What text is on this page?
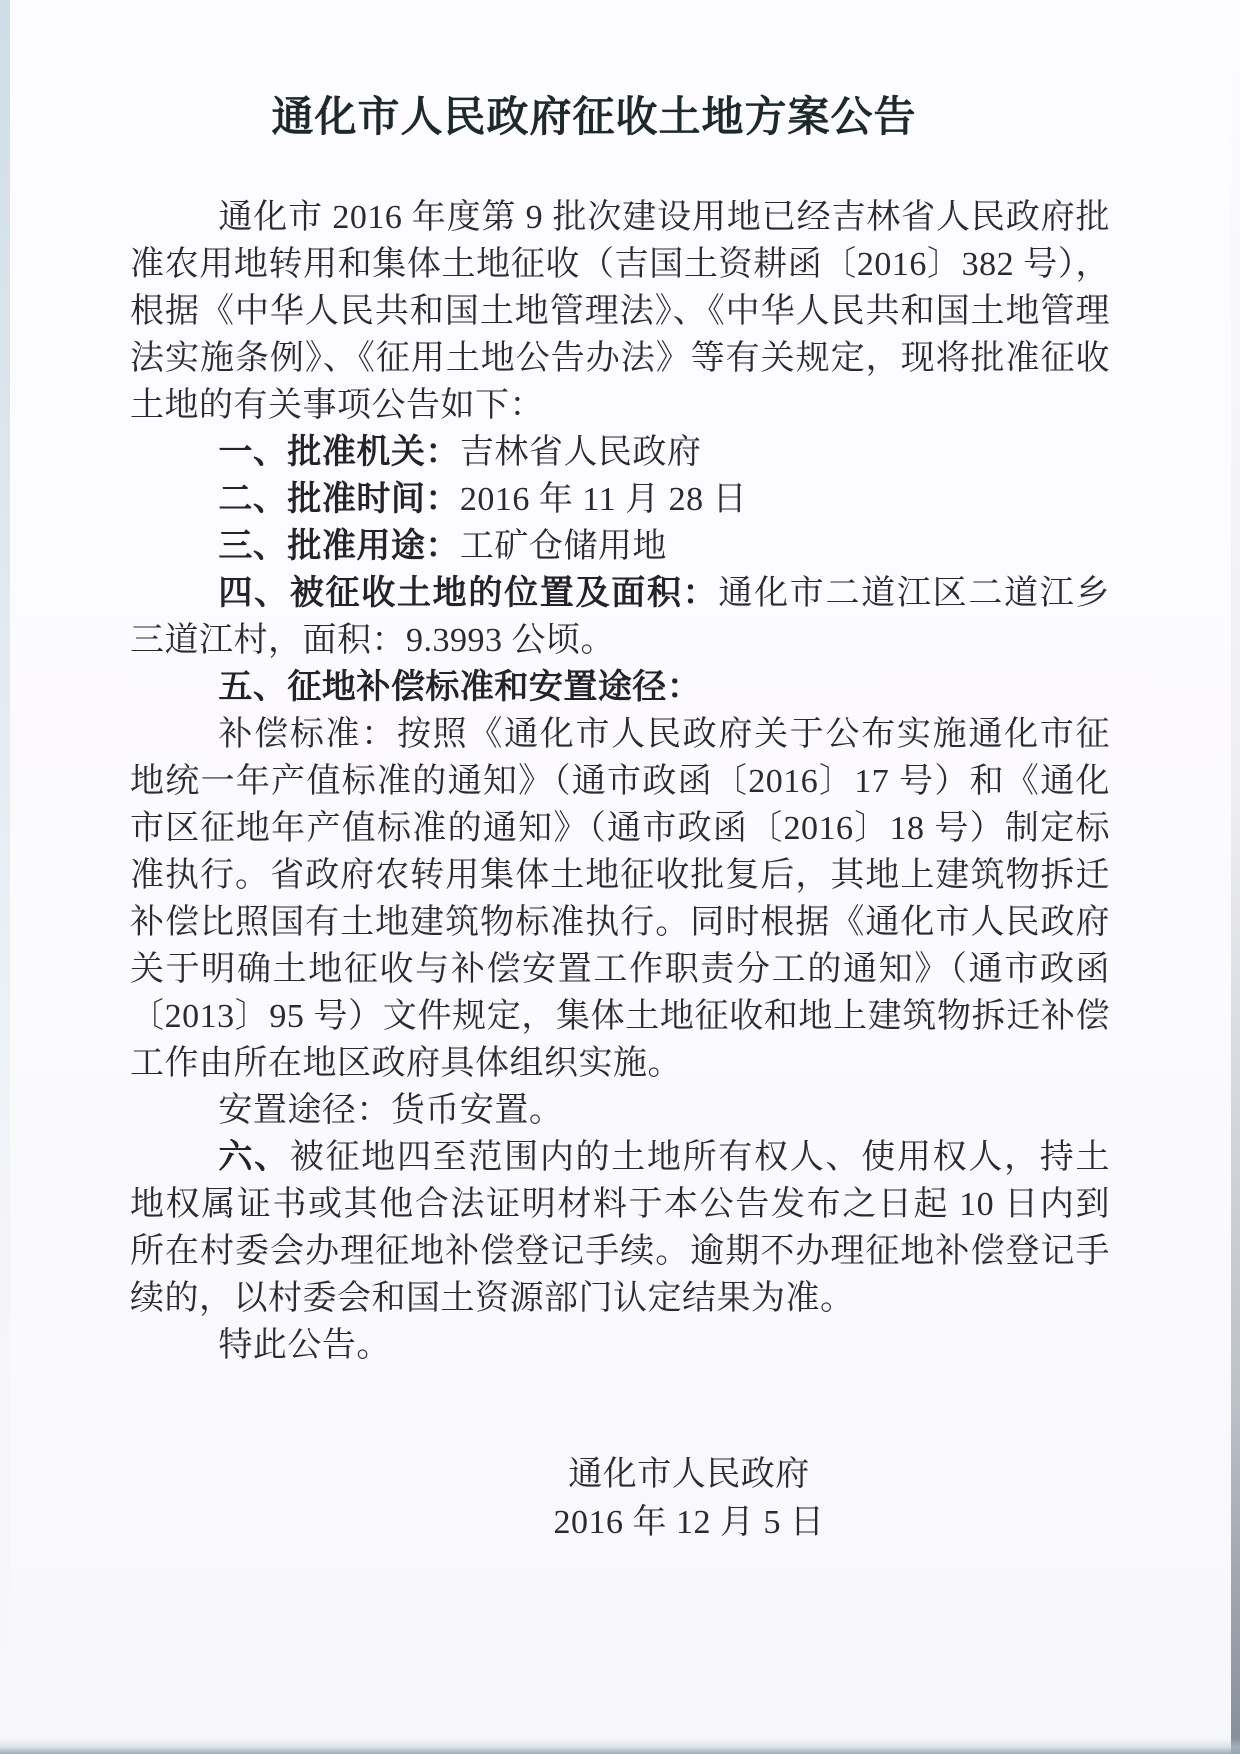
通化市人民政府征收土地方案公告

通化市 2016 年度第 9 批次建设用地已经吉林省人民政府批准农用地转用和集体土地征收（吉国土资耕函〔2016〕382 号），根据《中华人民共和国土地管理法》、《中华人民共和国土地管理法实施条例》、《征用土地公告办法》等有关规定，现将批准征收土地的有关事项公告如下：

一、批准机关：吉林省人民政府

二、批准时间：2016 年 11 月 28 日

三、批准用途：工矿仓储用地

四、被征收土地的位置及面积：通化市二道江区二道江乡三道江村，面积：9.3993 公顷。

五、征地补偿标准和安置途径：

补偿标准：按照《通化市人民政府关于公布实施通化市征地统一年产值标准的通知》（通市政函〔2016〕17 号）和《通化市区征地年产值标准的通知》（通市政函〔2016〕18 号）制定标准执行。省政府农转用集体土地征收批复后，其地上建筑物拆迁补偿比照国有土地建筑物标准执行。同时根据《通化市人民政府关于明确土地征收与补偿安置工作职责分工的通知》（通市政函〔2013〕95 号）文件规定，集体土地征收和地上建筑物拆迁补偿工作由所在地区政府具体组织实施。

安置途径：货币安置。

六、被征地四至范围内的土地所有权人、使用权人，持土地权属证书或其他合法证明材料于本公告发布之日起 10 日内到所在村委会办理征地补偿登记手续。逾期不办理征地补偿登记手续的，以村委会和国土资源部门认定结果为准。

特此公告。

通化市人民政府
2016 年 12 月 5 日
